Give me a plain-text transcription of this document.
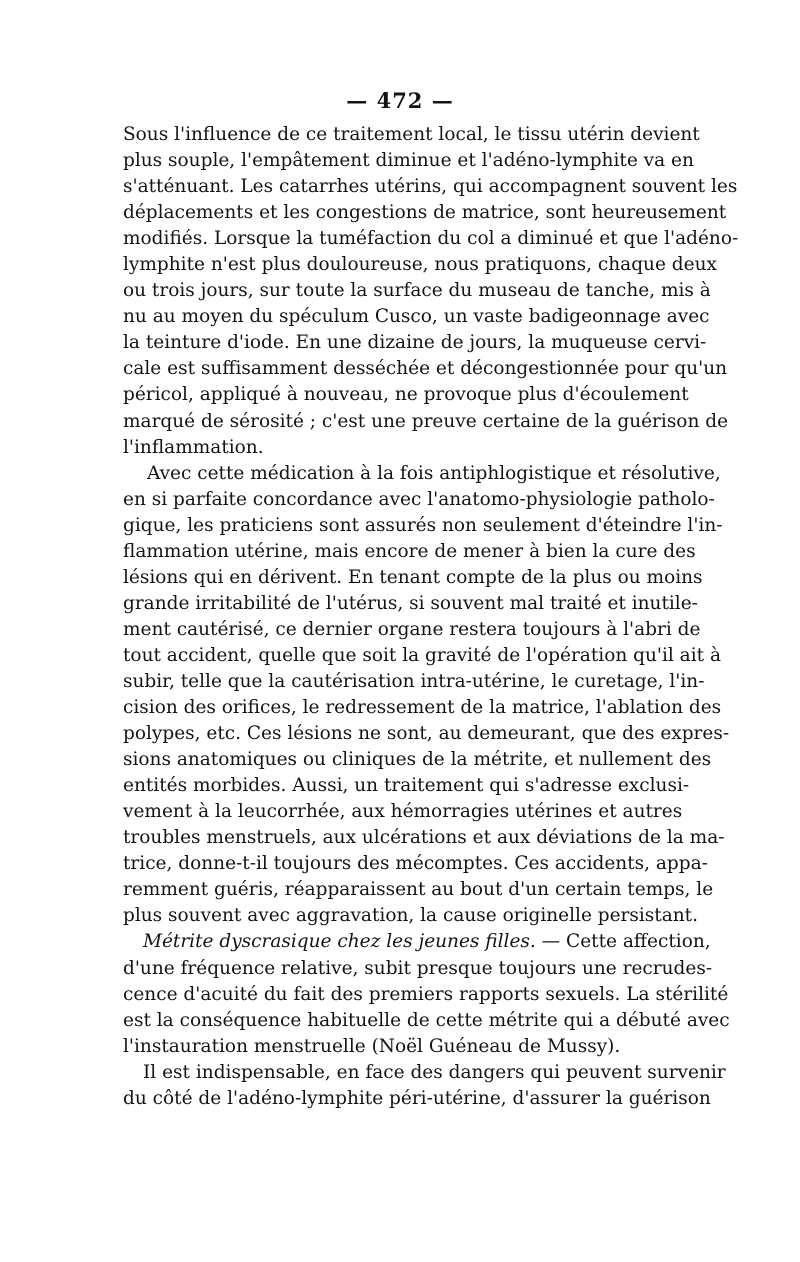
— 472 —
Sous l'influence de ce traitement local, le tissu utérin devient
plus souple, l'empâtement diminue et l'adéno-lymphite va en
s'atténuant. Les catarrhes utérins, qui accompagnent souvent les
déplacements et les congestions de matrice, sont heureusement
modifiés. Lorsque la tuméfaction du col a diminué et que l'adéno-
lymphite n'est plus douloureuse, nous pratiquons, chaque deux
ou trois jours, sur toute la surface du museau de tanche, mis à
nu au moyen du spéculum Cusco, un vaste badigeonnage avec
la teinture d'iode. En une dizaine de jours, la muqueuse cervi-
cale est suffisamment desséchée et décongestionnée pour qu'un
péricol, appliqué à nouveau, ne provoque plus d'écoulement
marqué de sérosité ; c'est une preuve certaine de la guérison de
l'inflammation.
Avec cette médication à la fois antiphlogistique et résolutive,
en si parfaite concordance avec l'anatomo-physiologie patholo-
gique, les praticiens sont assurés non seulement d'éteindre l'in-
flammation utérine, mais encore de mener à bien la cure des
lésions qui en dérivent. En tenant compte de la plus ou moins
grande irritabilité de l'utérus, si souvent mal traité et inutile-
ment cautérisé, ce dernier organe restera toujours à l'abri de
tout accident, quelle que soit la gravité de l'opération qu'il ait à
subir, telle que la cautérisation intra-utérine, le curetage, l'in-
cision des orifices, le redressement de la matrice, l'ablation des
polypes, etc. Ces lésions ne sont, au demeurant, que des expres-
sions anatomiques ou cliniques de la métrite, et nullement des
entités morbides. Aussi, un traitement qui s'adresse exclusi-
vement à la leucorrhée, aux hémorragies utérines et autres
troubles menstruels, aux ulcérations et aux déviations de la ma-
trice, donne-t-il toujours des mécomptes. Ces accidents, appa-
remment guéris, réapparaissent au bout d'un certain temps, le
plus souvent avec aggravation, la cause originelle persistant.
Métrite dyscrasique chez les jeunes filles. — Cette affection,
d'une fréquence relative, subit presque toujours une recrudes-
cence d'acuité du fait des premiers rapports sexuels. La stérilité
est la conséquence habituelle de cette métrite qui a débuté avec
l'instauration menstruelle (Noël Guéneau de Mussy).
Il est indispensable, en face des dangers qui peuvent survenir
du côté de l'adéno-lymphite péri-utérine, d'assurer la guérison
